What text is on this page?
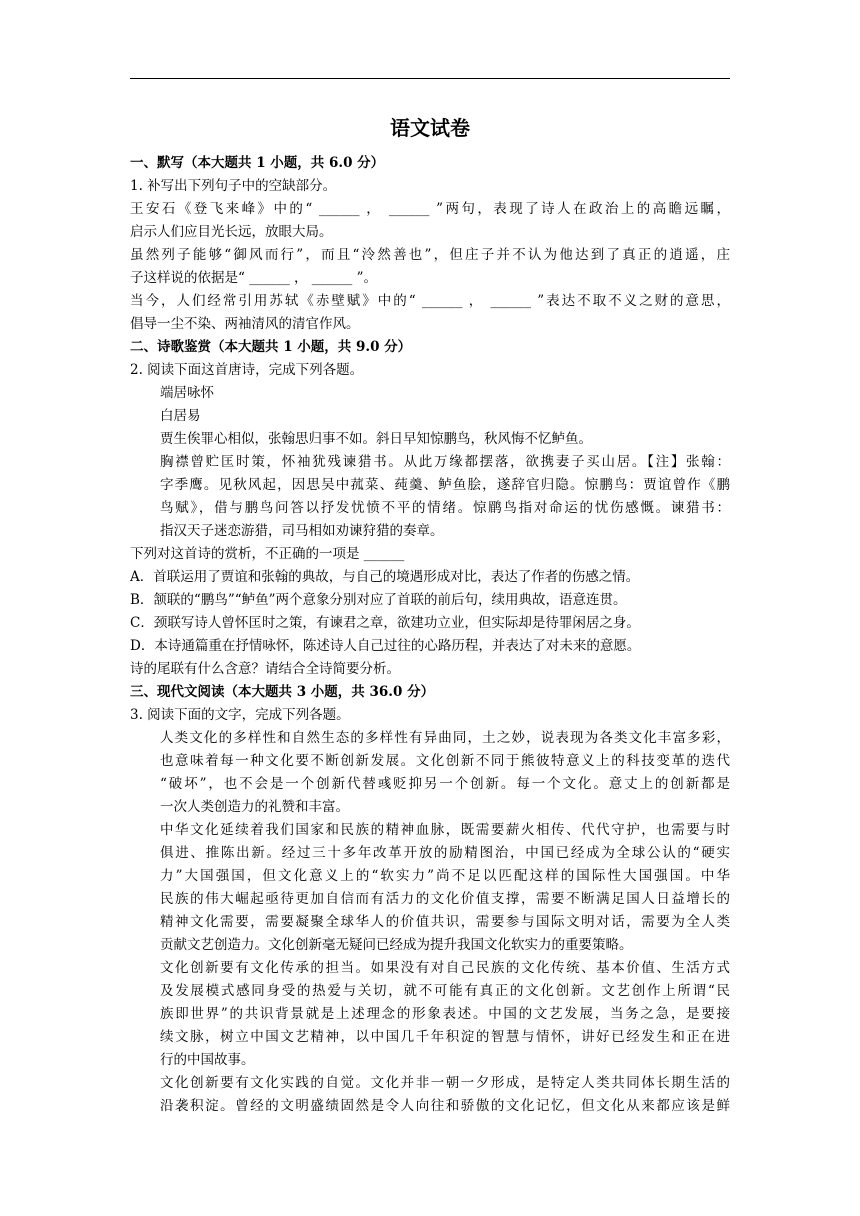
语文试卷
一、默写（本大题共 1 小题，共 6.0 分）
1. 补写出下列句子中的空缺部分。
王安石《登飞来峰》中的“ ______ ， ______ ”两句，表现了诗人在政治上的高瞻远瞩，
启示人们应目光长远，放眼大局。
虽然列子能够“御风而行”，而且“泠然善也”，但庄子并不认为他达到了真正的逍遥，庄
子这样说的依据是“ ______ ， ______ ”。
当今，人们经常引用苏轼《赤壁赋》中的“ ______ ， ______ ”表达不取不义之财的意思，
倡导一尘不染、两袖清风的清官作风。
二、诗歌鉴赏（本大题共 1 小题，共 9.0 分）
2. 阅读下面这首唐诗，完成下列各题。
端居咏怀
白居易
贾生俟罪心相似，张翰思归事不如。斜日早知惊鹏鸟，秋风悔不忆鲈鱼。
胸襟曾贮匡时策，怀袖犹残谏猎书。从此万缘都摆落，欲携妻子买山居。【注】张翰：
字季鹰。见秋风起，因思吴中菰菜、莼羹、鲈鱼脍，遂辞官归隐。惊鹏鸟：贾谊曾作《鹏
鸟赋》，借与鹏鸟问答以抒发忧愤不平的情绪。惊鹛鸟指对命运的忧伤感慨。谏猎书：
指汉天子迷恋游猎，司马相如劝谏狩猎的奏章。
下列对这首诗的赏析，不正确的一项是 ______
A．首联运用了贾谊和张翰的典故，与自己的境遇形成对比，表达了作者的伤感之情。
B．颔联的“鹏鸟”“鲈鱼”两个意象分别对应了首联的前后句，续用典故，语意连贯。
C．颈联写诗人曾怀匡时之策，有谏君之章，欲建功立业，但实际却是待罪闲居之身。
D．本诗通篇重在抒情咏怀，陈述诗人自己过往的心路历程，并表达了对未来的意愿。
诗的尾联有什么含意？请结合全诗简要分析。
三、现代文阅读（本大题共 3 小题，共 36.0 分）
3. 阅读下面的文字，完成下列各题。
人类文化的多样性和自然生态的多样性有异曲同，土之妙，说表现为各类文化丰富多彩，
也意味着每一种文化要不断创新发展。文化创新不同于熊彼特意义上的科技变革的迭代
“破坏”，也不会是一个创新代替彧贬抑另一个创新。每一个文化。意丈上的创新都是
一次人类创造力的礼赞和丰富。
中华文化延续着我们国家和民族的精神血脉，既需要薪火相传、代代守护，也需要与时
俱进、推陈出新。经过三十多年改革开放的励精图治，中国已经成为全球公认的“硬实
力”大国强国，但文化意义上的“软实力”尚不足以匹配这样的国际性大国强国。中华
民族的伟大崛起亟待更加自信而有活力的文化价值支撑，需要不断满足国人日益增长的
精神文化需要，需要凝聚全球华人的价值共识，需要参与国际文明对话，需要为全人类
贡献文艺创造力。文化创新毫无疑问已经成为提升我国文化软实力的重要策略。
文化创新要有文化传承的担当。如果没有对自己民族的文化传统、基本价值、生活方式
及发展模式感同身受的热爱与关切，就不可能有真正的文化创新。文艺创作上所谓“民
族即世界”的共识背景就是上述理念的形象表述。中国的文艺发展，当务之急，是要接
续文脉，树立中国文艺精神，以中国几千年积淀的智慧与情怀，讲好已经发生和正在进
行的中国故事。
文化创新要有文化实践的自觉。文化并非一朝一夕形成，是特定人类共同体长期生活的
沿袭积淀。曾经的文明盛绩固然是令人向往和骄傲的文化记忆，但文化从来都应该是鲜
